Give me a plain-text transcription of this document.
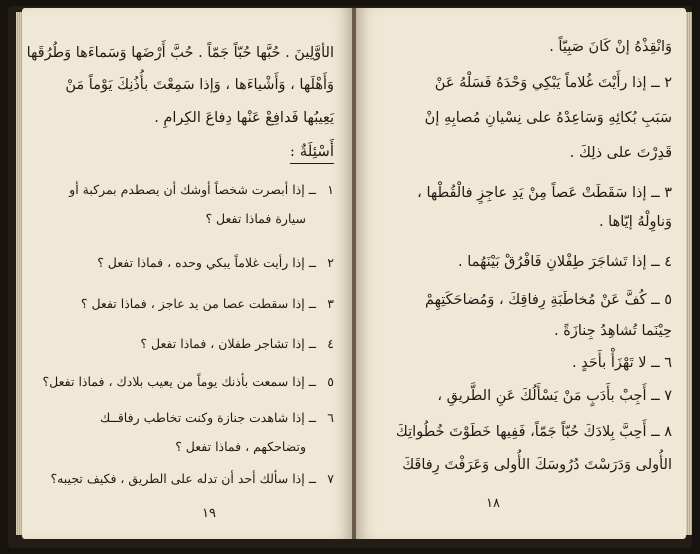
الأوَّلِينَ . حُبَّها حُبّاً جَمّاً . حُبَّ أَرْضَها وَسَماءَها وَطُرُقَها
وَأَهْلَها ، وَأَشْياءَها ، وَإذا سَمِعْتَ بأُذُنِكَ يَوْماً مَنْ
يَعِيبُها فَدافِعْ عَنْها دِفاعَ الكِرامِ .
أَسْئِلَةٌ :
١ ــ إذا أبصرت شخصاً أوشك أن يصطدم بمركبة أو
سيارة فماذا تفعل ؟
٢ ــ إذا رأيت غلاماً يبكي وحده ، فماذا تفعل ؟
٣ ــ إذا سقطت عصا من يد عاجز ، فماذا تفعل ؟
٤ ــ إذا تشاجر طفلان ، فماذا تفعل ؟
٥ ــ إذا سمعت بأذنك يوماً من يعيب بلادك ، فماذا تفعل؟
٦ ــ إذا شاهدت جنازة وكنت تخاطب رفاقــك
وتضاحكهم ، فماذا تفعل ؟
٧ ــ إذا سألك أحد أن تدله على الطريق ، فكيف تجيبه؟
١٩
وَانْقِذْهُ إنْ كَانَ صَبِيّاً .
٢ ــ إذا رأَيْتَ غُلاماً يَبْكِي وَحْدَهُ فَسَلْهُ عَنْ
سَبَبِ بُكائِهِ وَسَاعِدْهُ على نِسْيانِ مُصابِهِ إنْ
قَدِرْتَ على ذلِكَ .
٣ ــ إذا سَقَطَتْ عَصاً مِنْ يَدِ عاجِزٍ فالْقُطْها ،
وَناوِلْهُ إيّاها .
٤ ــ إذا تَشاجَرَ طِفْلانِ فَافْرُقْ بَيْنَهُما .
٥ ــ كُفَّ عَنْ مُخاطَبَةِ رِفاقِكَ ، وَمُضاحَكَتِهِمْ
حِيْنَما تُشاهِدُ جِنازَةً .
٦ ــ لا تَهْزَأْ بأَحَدٍ .
٧ ــ أَجِبْ بأَدَبٍ مَنْ يَسْأَلُكَ عَنِ الطَّريقِ ،
٨ ــ أَحِبَّ بِلادَكَ حُبّاً جَمّاً، فَفِيها خَطَوْتَ خُطُواتِكَ
الأُولى وَدَرَسْتَ دُرُوسَكَ الأُولى وَعَرَفْتَ رِفاقَكَ
١٨
